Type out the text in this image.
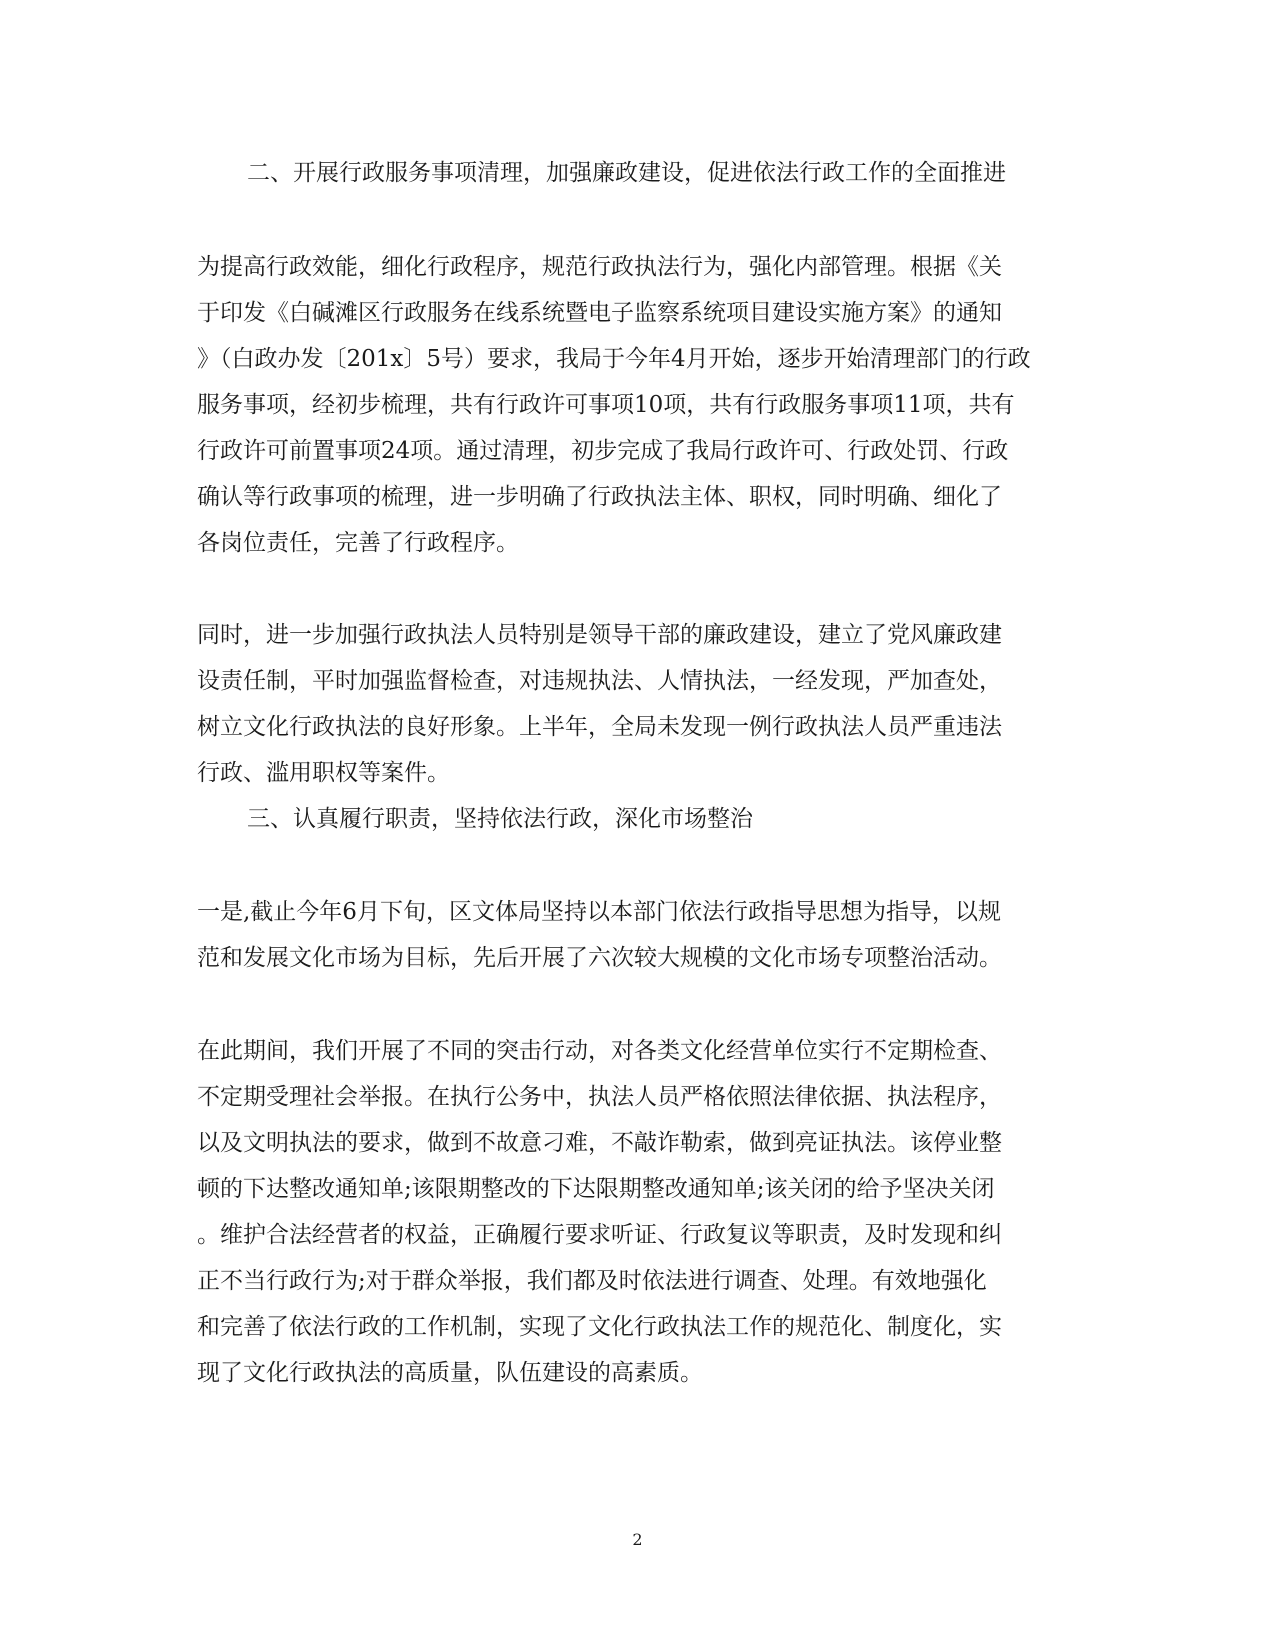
二、开展行政服务事项清理，加强廉政建设，促进依法行政工作的全面推进
为提高行政效能，细化行政程序，规范行政执法行为，强化内部管理。根据《关
于印发《白碱滩区行政服务在线系统暨电子监察系统项目建设实施方案》的通知
》（白政办发〔201x〕5号）要求，我局于今年4月开始，逐步开始清理部门的行政
服务事项，经初步梳理，共有行政许可事项10项，共有行政服务事项11项，共有
行政许可前置事项24项。通过清理，初步完成了我局行政许可、行政处罚、行政
确认等行政事项的梳理，进一步明确了行政执法主体、职权，同时明确、细化了
各岗位责任，完善了行政程序。
同时，进一步加强行政执法人员特别是领导干部的廉政建设，建立了党风廉政建
设责任制，平时加强监督检查，对违规执法、人情执法，一经发现，严加查处，
树立文化行政执法的良好形象。上半年，全局未发现一例行政执法人员严重违法
行政、滥用职权等案件。
三、认真履行职责，坚持依法行政，深化市场整治
一是,截止今年6月下旬，区文体局坚持以本部门依法行政指导思想为指导，以规
范和发展文化市场为目标，先后开展了六次较大规模的文化市场专项整治活动。
在此期间，我们开展了不同的突击行动，对各类文化经营单位实行不定期检查、
不定期受理社会举报。在执行公务中，执法人员严格依照法律依据、执法程序，
以及文明执法的要求，做到不故意刁难，不敲诈勒索，做到亮证执法。该停业整
顿的下达整改通知单;该限期整改的下达限期整改通知单;该关闭的给予坚决关闭
。维护合法经营者的权益，正确履行要求听证、行政复议等职责，及时发现和纠
正不当行政行为;对于群众举报，我们都及时依法进行调查、处理。有效地强化
和完善了依法行政的工作机制，实现了文化行政执法工作的规范化、制度化，实
现了文化行政执法的高质量，队伍建设的高素质。
2
